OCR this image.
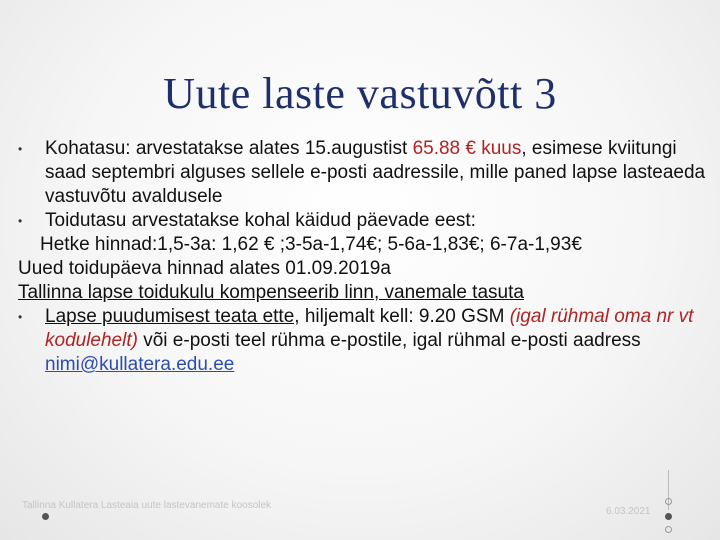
Uute laste vastuvõtt 3
• Kohatasu: arvestatakse alates 15.augustist 65.88 € kuus, esimese kviitungi saad septembri alguses sellele e-posti aadressile, mille paned lapse lasteaeda vastuvõtu avaldusele
• Toidutasu arvestatakse kohal käidud päevade eest:
Hetke hinnad:1,5-3a: 1,62 € ;3-5a-1,74€; 5-6a-1,83€; 6-7a-1,93€
Uued toidupäeva hinnad alates 01.09.2019a
Tallinna lapse toidukulu kompenseerib linn, vanemale tasuta
• Lapse puudumisest teata ette, hiljemalt kell: 9.20 GSM (igal rühmal oma nr vt kodulehelt) või e-posti teel rühma e-postile, igal rühmal e-posti aadress nimi@kullatera.edu.ee
Tallinna Kullatera Lasteaia uute lastevanemate koosolek
6.03.2021
